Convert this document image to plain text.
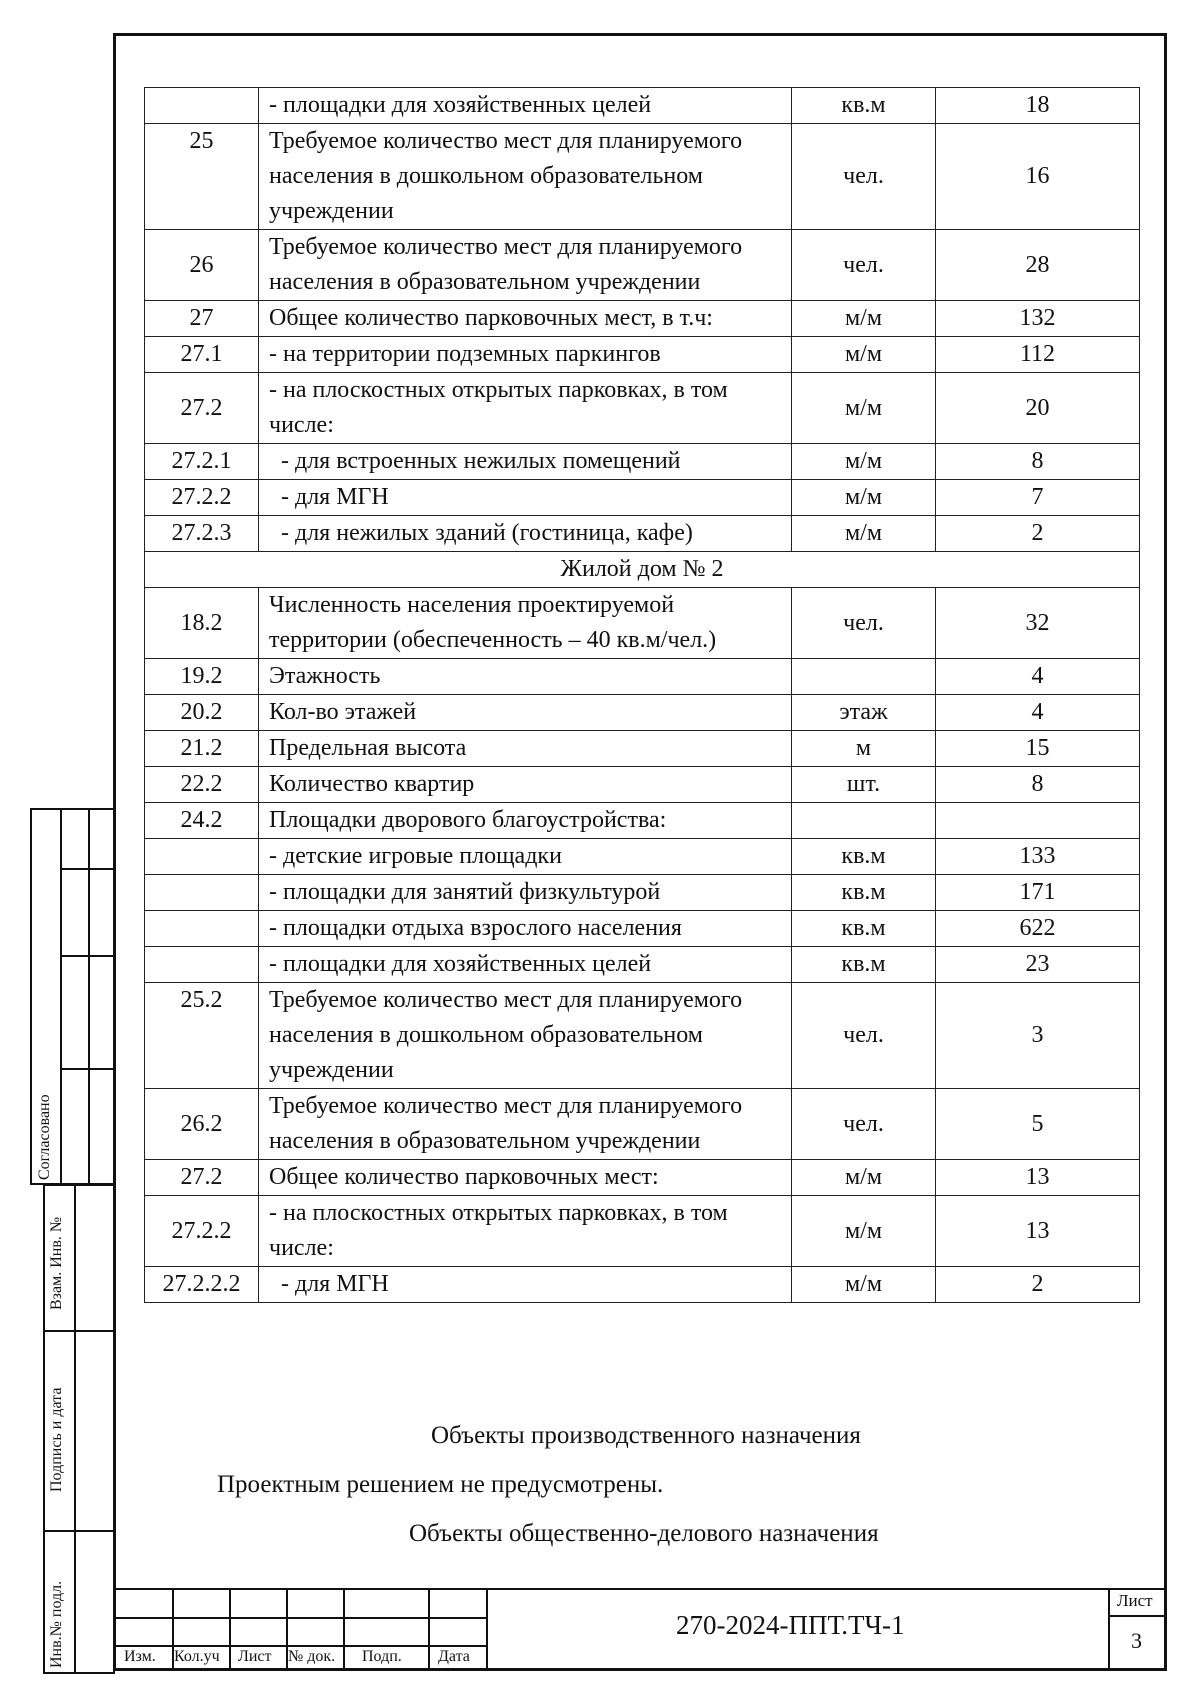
	- площадки для хозяйственных целей	кв.м	18
25	Требуемое количество мест для планируемого населения в дошкольном образовательном учреждении	чел.	16
26	Требуемое количество мест для планируемого населения в образовательном учреждении	чел.	28
27	Общее количество парковочных мест, в т.ч:	м/м	132
27.1	- на территории подземных паркингов	м/м	112
27.2	- на плоскостных открытых парковках, в том числе:	м/м	20
27.2.1	- для встроенных нежилых помещений	м/м	8
27.2.2	- для МГН	м/м	7
27.2.3	- для нежилых зданий (гостиница, кафе)	м/м	2
Жилой дом № 2			
18.2	Численность населения проектируемой территории (обеспеченность – 40 кв.м/чел.)	чел.	32
19.2	Этажность		4
20.2	Кол-во этажей	этаж	4
21.2	Предельная высота	м	15
22.2	Количество квартир	шт.	8
24.2	Площадки дворового благоустройства:		
	- детские игровые площадки	кв.м	133
	- площадки для занятий физкультурой	кв.м	171
	- площадки отдыха взрослого населения	кв.м	622
	- площадки для хозяйственных целей	кв.м	23
25.2	Требуемое количество мест для планируемого населения в дошкольном образовательном учреждении	чел.	3
26.2	Требуемое количество мест для планируемого населения в образовательном учреждении	чел.	5
27.2	Общее количество парковочных мест:	м/м	13
27.2.2	- на плоскостных открытых парковках, в том числе:	м/м	13
27.2.2.2	- для МГН	м/м	2
Объекты производственного назначения
Проектным решением не предусмотрены.
Объекты общественно-делового назначения
Согласовано
Взам. Инв. №
Подпись и дата
Инв.№ подл.	Изм. Кол.уч Лист № док. Подп. Дата
270-2024-ППТ.ТЧ-1
Лист
3
